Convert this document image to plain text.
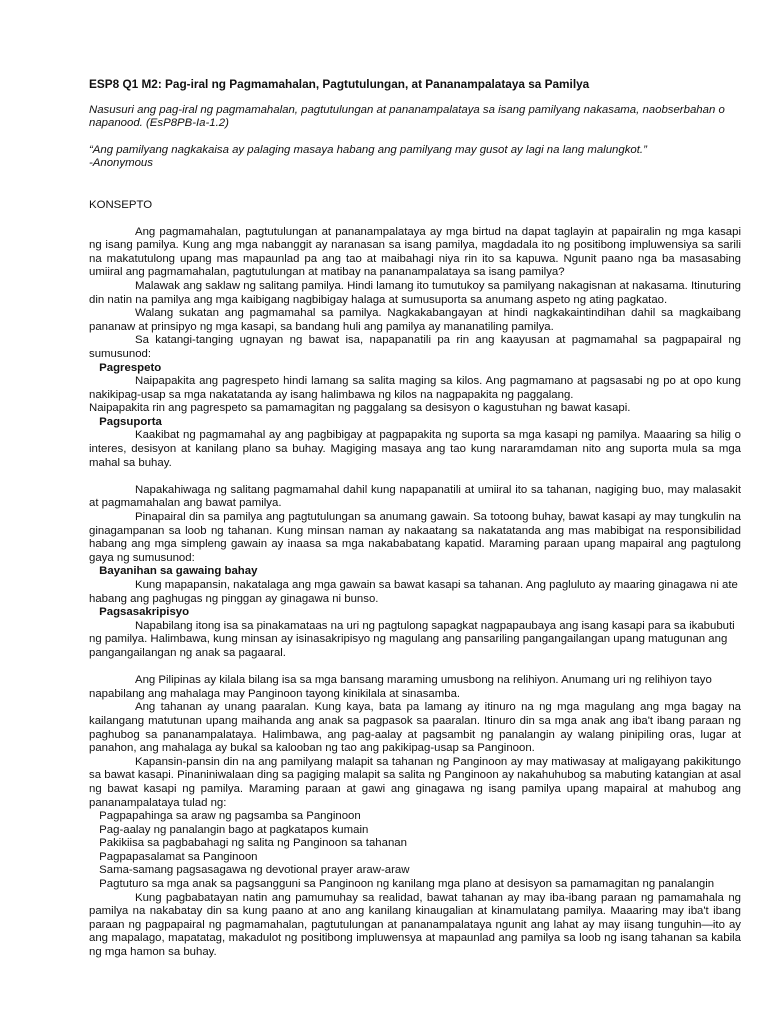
ESP8 Q1 M2: Pag-iral ng Pagmamahalan, Pagtutulungan, at Pananampalataya sa Pamilya

Nasusuri ang pag-iral ng pagmamahalan, pagtutulungan at pananampalataya sa isang pamilyang nakasama, naobserbahan o napanood. (EsP8PB-Ia-1.2)

“Ang pamilyang nagkakaisa ay palaging masaya habang ang pamilyang may gusot ay lagi na lang malungkot.”

-Anonymous

KONSEPTO

Ang pagmamahalan, pagtutulungan at pananampalataya ay mga birtud na dapat taglayin at papairalin ng mga kasapi ng isang pamilya. Kung ang mga nabanggit ay naranasan sa isang pamilya, magdadala ito ng positibong impluwensiya sa sarili na makatutulong upang mas mapaunlad pa ang tao at maibahagi niya rin ito sa kapuwa. Ngunit paano nga ba masasabing umiiral ang pagmamahalan, pagtutulungan at matibay na pananampalataya sa isang pamilya?

Malawak ang saklaw ng salitang pamilya. Hindi lamang ito tumutukoy sa pamilyang nakagisnan at nakasama. Itinuturing din natin na pamilya ang mga kaibigang nagbibigay halaga at sumusuporta sa anumang aspeto ng ating pagkatao.

Walang sukatan ang pagmamahal sa pamilya. Nagkakabangayan at hindi nagkakaintindihan dahil sa magkaibang pananaw at prinsipyo ng mga kasapi, sa bandang huli ang pamilya ay mananatiling pamilya.

Sa katangi-tanging ugnayan ng bawat isa, napapanatili pa rin ang kaayusan at pagmamahal sa pagpapairal ng sumusunod:

Pagrespeto

Naipapakita ang pagrespeto hindi lamang sa salita maging sa kilos. Ang pagmamano at pagsasabi ng po at opo kung nakikipag-usap sa mga nakatatanda ay isang halimbawa ng kilos na nagpapakita ng paggalang.

Naipapakita rin ang pagrespeto sa pamamagitan ng paggalang sa desisyon o kagustuhan ng bawat kasapi.

Pagsuporta

Kaakibat ng pagmamahal ay ang pagbibigay at pagpapakita ng suporta sa mga kasapi ng pamilya. Maaaring sa hilig o interes, desisyon at kanilang plano sa buhay. Magiging masaya ang tao kung nararamdaman nito ang suporta mula sa mga mahal sa buhay.

Napakahiwaga ng salitang pagmamahal dahil kung napapanatili at umiiral ito sa tahanan, nagiging buo, may malasakit at pagmamahalan ang bawat pamilya.

Pinapairal din sa pamilya ang pagtutulungan sa anumang gawain. Sa totoong buhay, bawat kasapi ay may tungkulin na ginagampanan sa loob ng tahanan. Kung minsan naman ay nakaatang sa nakatatanda ang mas mabibigat na responsibilidad habang ang mga simpleng gawain ay inaasa sa mga nakababatang kapatid. Maraming paraan upang mapairal ang pagtulong gaya ng sumusunod:

Bayanihan sa gawaing bahay

Kung mapapansin, nakatalaga ang mga gawain sa bawat kasapi sa tahanan. Ang pagluluto ay maaring ginagawa ni ate habang ang paghugas ng pinggan ay ginagawa ni bunso.

Pagsasakripisyo

Napabilang itong isa sa pinakamataas na uri ng pagtulong sapagkat nagpapaubaya ang isang kasapi para sa ikabubuti ng pamilya. Halimbawa, kung minsan ay isinasakripisyo ng magulang ang pansariling pangangailangan upang matugunan ang pangangailangan ng anak sa pagaaral.

Ang Pilipinas ay kilala bilang isa sa mga bansang maraming umusbong na relihiyon. Anumang uri ng relihiyon tayo napabilang ang mahalaga may Panginoon tayong kinikilala at sinasamba.

Ang tahanan ay unang paaralan. Kung kaya, bata pa lamang ay itinuro na ng mga magulang ang mga bagay na kailangang matutunan upang maihanda ang anak sa pagpasok sa paaralan. Itinuro din sa mga anak ang iba't ibang paraan ng paghubog sa pananampalataya. Halimbawa, ang pag-aalay at pagsambit ng panalangin ay walang pinipiling oras, lugar at panahon, ang mahalaga ay bukal sa kalooban ng tao ang pakikipag-usap sa Panginoon.

Kapansin-pansin din na ang pamilyang malapit sa tahanan ng Panginoon ay may matiwasay at maligayang pakikitungo sa bawat kasapi. Pinaniniwalaan ding sa pagiging malapit sa salita ng Panginoon ay nakahuhubog sa mabuting katangian at asal ng bawat kasapi ng pamilya. Maraming paraan at gawi ang ginagawa ng isang pamilya upang mapairal at mahubog ang pananampalataya tulad ng:

Pagpapahinga sa araw ng pagsamba sa Panginoon
Pag-aalay ng panalangin bago at pagkatapos kumain
Pakikiisa sa pagbabahagi ng salita ng Panginoon sa tahanan
Pagpapasalamat sa Panginoon
Sama-samang pagsasagawa ng devotional prayer araw-araw
Pagtuturo sa mga anak sa pagsangguni sa Panginoon ng kanilang mga plano at desisyon sa pamamagitan ng panalangin

Kung pagbabatayan natin ang pamumuhay sa realidad, bawat tahanan ay may iba-ibang paraan ng pamamahala ng pamilya na nakabatay din sa kung paano at ano ang kanilang kinaugalian at kinamulatang pamilya. Maaaring may iba't ibang paraan ng pagpapairal ng pagmamahalan, pagtutulungan at pananampalataya ngunit ang lahat ay may iisang tunguhin—ito ay ang mapalago, mapatatag, makadulot ng positibong impluwensya at mapaunlad ang pamilya sa loob ng isang tahanan sa kabila ng mga hamon sa buhay.
